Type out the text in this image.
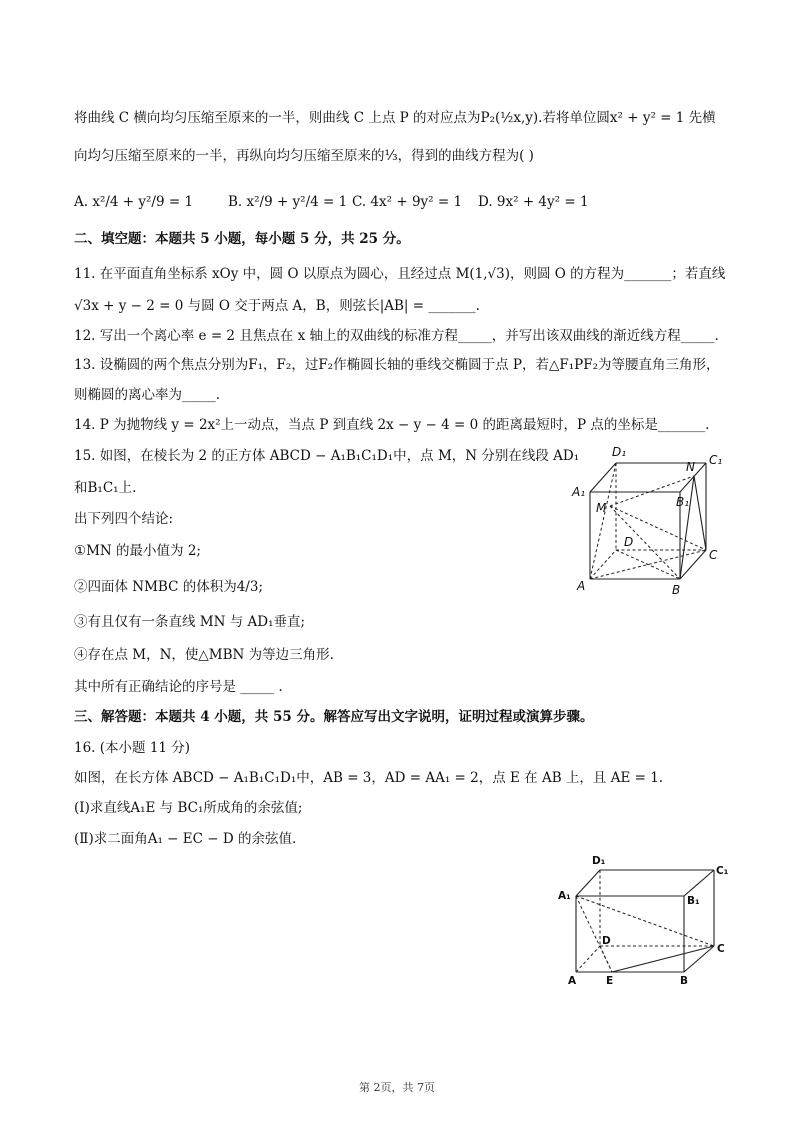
将曲线 C 横向均匀压缩至原来的一半，则曲线 C 上点 P 的对应点为P₂(½x,y).若将单位圆x² + y² = 1 先横
向均匀压缩至原来的一半，再纵向均匀压缩至原来的⅓，得到的曲线方程为( )
A. x²/4 + y²/9 = 1	B. x²/9 + y²/4 = 1 C. 4x² + 9y² = 1 D. 9x² + 4y² = 1
二、填空题：本题共 5 小题，每小题 5 分，共 25 分。
11. 在平面直角坐标系 xOy 中，圆 O 以原点为圆心，且经过点 M(1,√3)，则圆 O 的方程为_______；若直线
√3x + y − 2 = 0 与圆 O 交于两点 A，B，则弦长|AB| = _______.
12. 写出一个离心率 e = 2 且焦点在 x 轴上的双曲线的标准方程_____，并写出该双曲线的渐近线方程_____.
13. 设椭圆的两个焦点分别为F₁，F₂，过F₂作椭圆长轴的垂线交椭圆于点 P，若△F₁PF₂为等腰直角三角形，
则椭圆的离心率为_____.
14. P 为抛物线 y = 2x²上一动点，当点 P 到直线 2x − y − 4 = 0 的距离最短时，P 点的坐标是_______.
15. 如图，在棱长为 2 的正方体 ABCD − A₁B₁C₁D₁中，点 M，N 分别在线段 AD₁
和B₁C₁上.
出下列四个结论:
①MN 的最小值为 2;
②四面体 NMBC 的体积为4/3;
③有且仅有一条直线 MN 与 AD₁垂直;
④存在点 M，N，使△MBN 为等边三角形.
其中所有正确结论的序号是 _____ .
三、解答题：本题共 4 小题，共 55 分。解答应写出文字说明，证明过程或演算步骤。
16. (本小题 11 分)
如图，在长方体 ABCD − A₁B₁C₁D₁中，AB = 3，AD = AA₁ = 2，点 E 在 AB 上，且 AE = 1.
(Ⅰ)求直线A₁E 与 BC₁所成角的余弦值;
(Ⅱ)求二面角A₁ − EC − D 的余弦值.
D₁
N C₁
A₁
B₁
M
D
C
A	B
D₁
C₁
A₁	B₁
D
C
A	E	B
第 2页，共 7页
